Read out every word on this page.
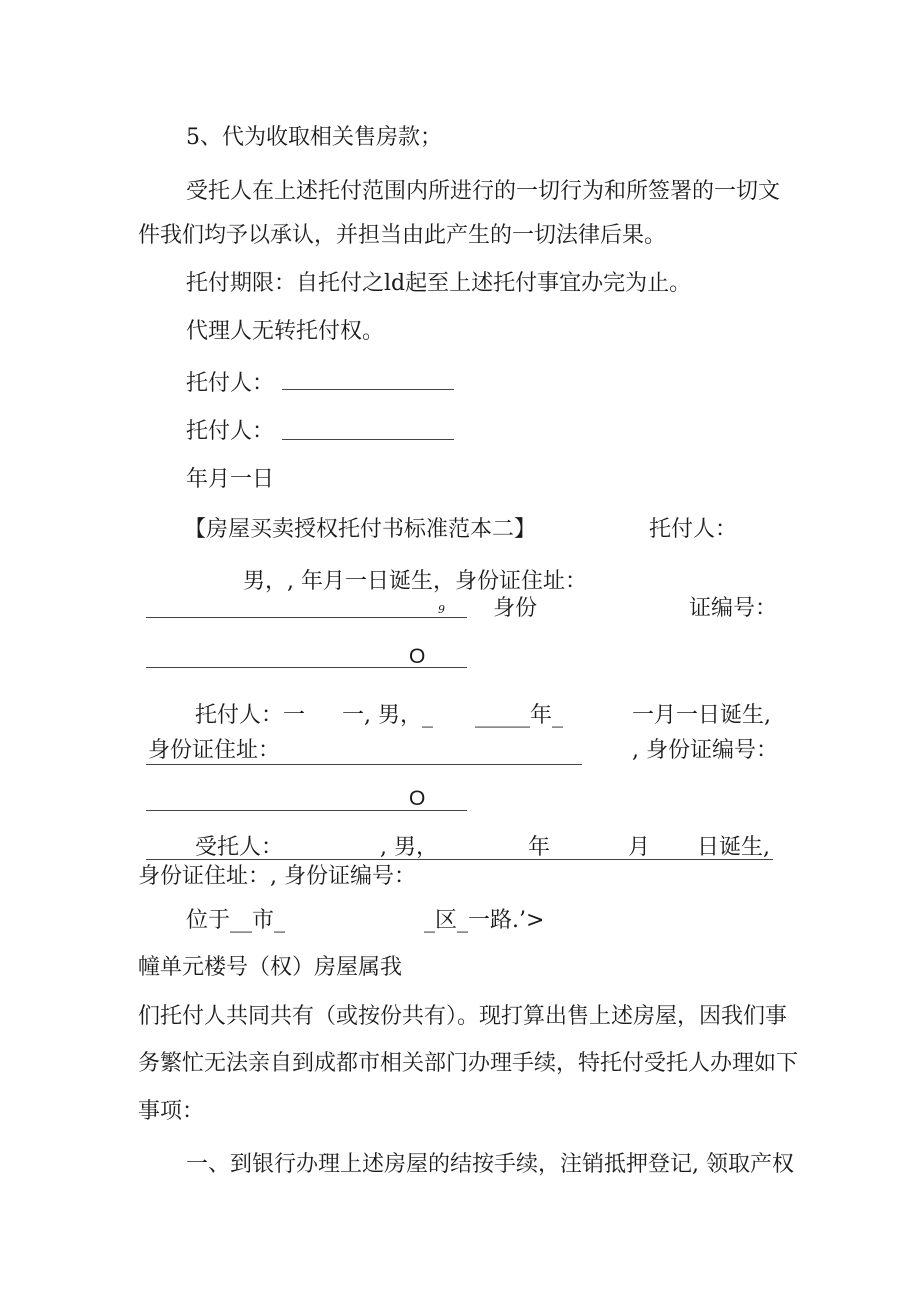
5、代为收取相关售房款；
受托人在上述托付范围内所进行的一切行为和所签署的一切文
件我们均予以承认，并担当由此产生的一切法律后果。
托付期限：自托付之ld起至上述托付事宜办完为止。
代理人无转托付权。
托付人：
托付人：
年月一日
【房屋买卖授权托付书标准范本二】	托付人：
男，, 年月一日诞生，身份证住址：
9 身份	证编号：
O
托付人：一 一, 男，_ _____年_	一月一日诞生,
身份证住址：	, 身份证编号：
O
受托人：	, 男，	年	月 日诞生,
身份证住址：, 身份证编号：
位于__市_	_区_一路.’>
幢单元楼号（权）房屋属我
们托付人共同共有（或按份共有）。现打算出售上述房屋，因我们事
务繁忙无法亲自到成都市相关部门办理手续，特托付受托人办理如下
事项：
一、到银行办理上述房屋的结按手续，注销抵押登记, 领取产权
